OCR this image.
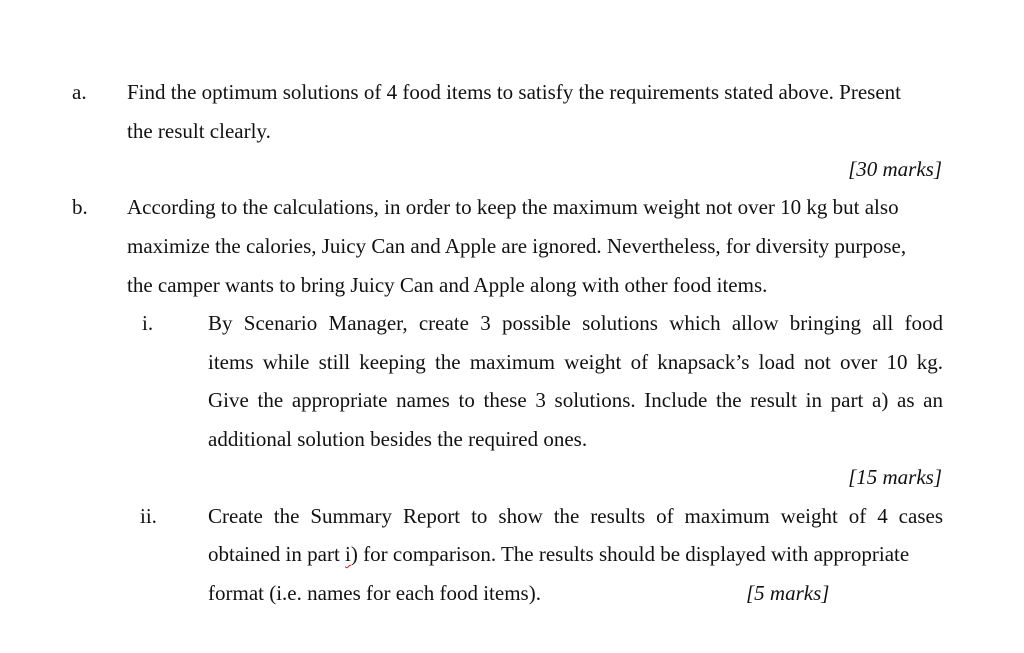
a. Find the optimum solutions of 4 food items to satisfy the requirements stated above. Present
the result clearly.
[30 marks]
b. According to the calculations, in order to keep the maximum weight not over 10 kg but also
maximize the calories, Juicy Can and Apple are ignored. Nevertheless, for diversity purpose,
the camper wants to bring Juicy Can and Apple along with other food items.
i.	By Scenario Manager, create 3 possible solutions which allow bringing all food
items while still keeping the maximum weight of knapsack’s load not over 10 kg.
Give the appropriate names to these 3 solutions. Include the result in part a) as an
additional solution besides the required ones.
[15 marks]
ii. Create the Summary Report to show the results of maximum weight of 4 cases
obtained in part i) for comparison. The results should be displayed with appropriate
format (i.e. names for each food items).	[5 marks]
